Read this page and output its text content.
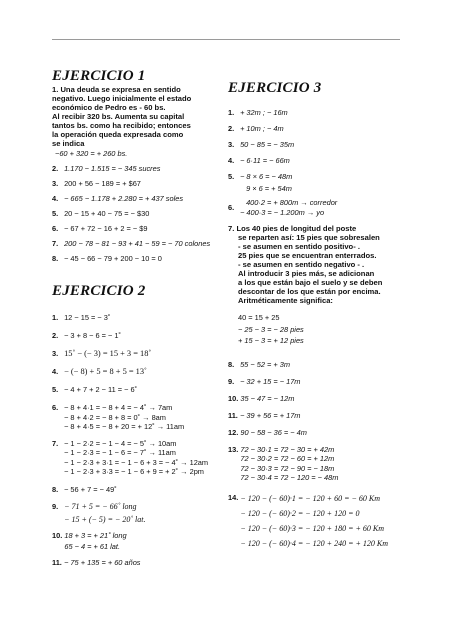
EJERCICIO 1
1. Una deuda se expresa en sentido
negativo. Luego inicialmente el estado
económico de Pedro es - 60 bs.
Al recibir 320 bs. Aumenta su capital
tantos bs. como ha recibido; entonces
la operación queda expresada como
se indica
−60 + 320 = + 260 bs.
2. 1.170 − 1.515 = − 345 sucres
3. 200 + 56 − 189 = + $67
4. − 665 − 1.178 + 2.280 = + 437 soles
5. 20 − 15 + 40 − 75 = − $30
6. − 67 + 72 − 16 + 2 = − $9
7. 200 − 78 − 81 − 93 + 41 − 59 = − 70 colones
8. − 45 − 66 − 79 + 200 − 10 = 0
EJERCICIO 2
1. 12 − 15 = − 3˚
2. − 3 + 8 − 6 = − 1˚
3. 15˚ − (− 3) = 15 + 3 = 18˚
4. − (− 8) + 5 = 8 + 5 = 13˚
5. − 4 + 7 + 2 − 11 = − 6˚
6. − 8 + 4·1 = − 8 + 4 = − 4˚ → 7am
− 8 + 4·2 = − 8 + 8 = 0˚ → 8am
− 8 + 4·5 = − 8 + 20 = + 12˚ → 11am
7. − 1 − 2·2 = − 1 − 4 = − 5˚ → 10am
− 1 − 2·3 = − 1 − 6 = − 7˚ → 11am
− 1 − 2·3 + 3·1 = − 1 − 6 + 3 = − 4˚ → 12am
− 1 − 2·3 + 3·3 = − 1 − 6 + 9 = + 2˚ → 2pm
8. − 56 + 7 = − 49˚
9. − 71 + 5 = − 66˚ long
− 15 + (− 5) = − 20˚ lat.
10. 18 + 3 = + 21˚ long
65 − 4 = + 61 lat.
11. − 75 + 135 = + 60 años
EJERCICIO 3
1. + 32m ; − 16m
2. + 10m ; − 4m
3. 50 − 85 = − 35m
4. − 6·11 = − 66m
5. − 8 × 6 = − 48m
9 × 6 = + 54m
6.
400·2 = + 800m → corredor
− 400·3 = − 1.200m → yo
7. Los 40 pies de longitud del poste
se reparten así: 15 pies que sobresalen
- se asumen en sentido positivo- .
25 pies que se encuentran enterrados.
- se asumen en sentido negativo - .
Al introducir 3 pies más, se adicionan
a los que están bajo el suelo y se deben
descontar de los que están por encima.
Aritméticamente significa:
40 = 15 + 25
− 25 − 3 = − 28 pies
+ 15 − 3 = + 12 pies
8. 55 − 52 = + 3m
9. − 32 + 15 = − 17m
10. 35 − 47 = − 12m
11. − 39 + 56 = + 17m
12. 90 − 58 − 36 = − 4m
13. 72 − 30·1 = 72 − 30 = + 42m
72 − 30·2 = 72 − 60 = + 12m
72 − 30·3 = 72 − 90 = − 18m
72 − 30·4 = 72 − 120 = − 48m
14. − 120 − (− 60)·1 = − 120 + 60 = − 60 Km
− 120 − (− 60)·2 = − 120 + 120 = 0
− 120 − (− 60)·3 = − 120 + 180 = + 60 Km
− 120 − (− 60)·4 = − 120 + 240 = + 120 Km
